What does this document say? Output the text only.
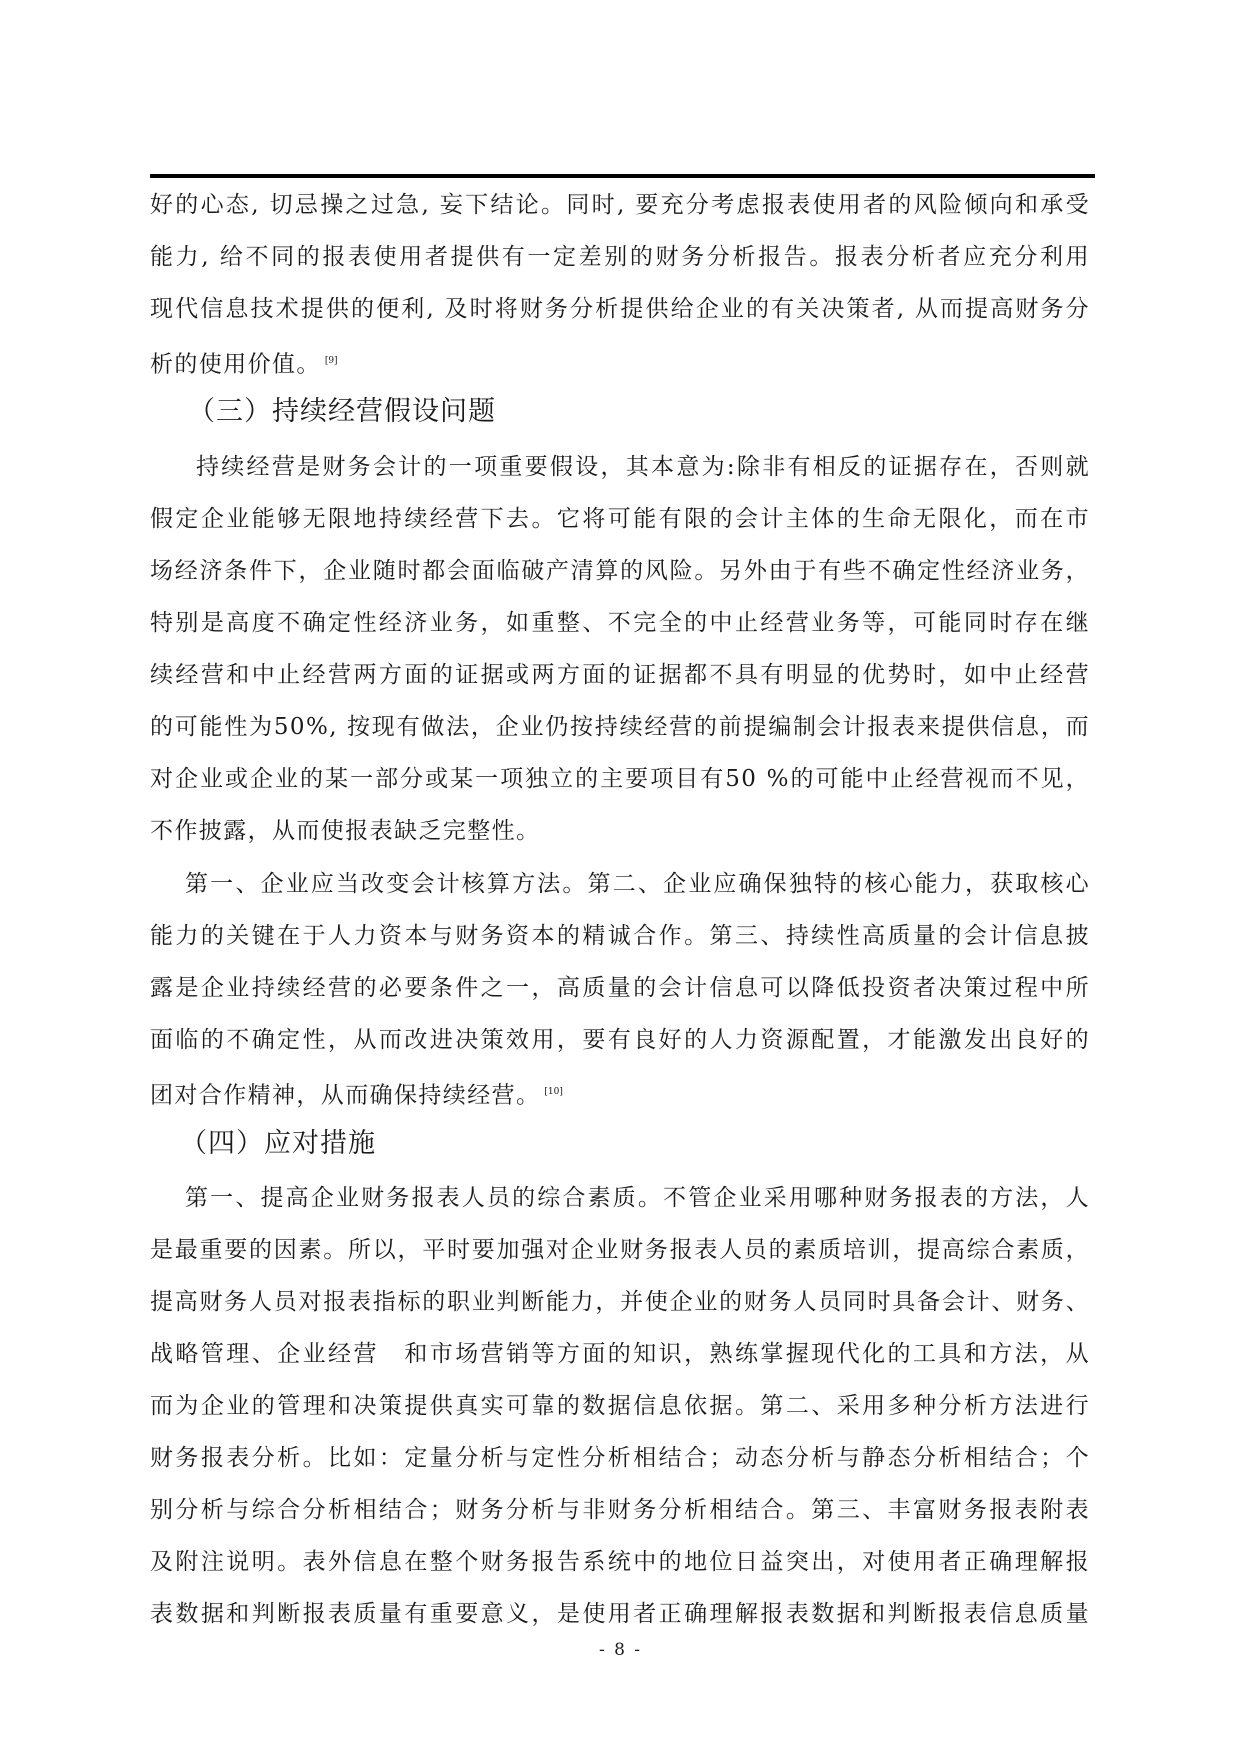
好的心态, 切忌操之过急, 妄下结论。同时, 要充分考虑报表使用者的风险倾向和承受
能力, 给不同的报表使用者提供有一定差别的财务分析报告。报表分析者应充分利用
现代信息技术提供的便利, 及时将财务分析提供给企业的有关决策者, 从而提高财务分
析的使用价值。 [9]
（三）持续经营假设问题
持续经营是财务会计的一项重要假设，其本意为:除非有相反的证据存在，否则就
假定企业能够无限地持续经营下去。它将可能有限的会计主体的生命无限化，而在市
场经济条件下，企业随时都会面临破产清算的风险。另外由于有些不确定性经济业务，
特别是高度不确定性经济业务，如重整、不完全的中止经营业务等，可能同时存在继
续经营和中止经营两方面的证据或两方面的证据都不具有明显的优势时，如中止经营
的可能性为50%, 按现有做法，企业仍按持续经营的前提编制会计报表来提供信息，而
对企业或企业的某一部分或某一项独立的主要项目有50 %的可能中止经营视而不见，
不作披露，从而使报表缺乏完整性。
第一、企业应当改变会计核算方法。第二、企业应确保独特的核心能力，获取核心
能力的关键在于人力资本与财务资本的精诚合作。第三、持续性高质量的会计信息披
露是企业持续经营的必要条件之一，高质量的会计信息可以降低投资者决策过程中所
面临的不确定性，从而改进决策效用，要有良好的人力资源配置，才能激发出良好的
团对合作精神，从而确保持续经营。 [10]
（四）应对措施
第一、提高企业财务报表人员的综合素质。不管企业采用哪种财务报表的方法，人
是最重要的因素。所以，平时要加强对企业财务报表人员的素质培训，提高综合素质，
提高财务人员对报表指标的职业判断能力，并使企业的财务人员同时具备会计、财务、
战略管理、企业经营　和市场营销等方面的知识，熟练掌握现代化的工具和方法，从
而为企业的管理和决策提供真实可靠的数据信息依据。第二、采用多种分析方法进行
财务报表分析。比如：定量分析与定性分析相结合；动态分析与静态分析相结合；个
别分析与综合分析相结合；财务分析与非财务分析相结合。第三、丰富财务报表附表
及附注说明。表外信息在整个财务报告系统中的地位日益突出，对使用者正确理解报
表数据和判断报表质量有重要意义，是使用者正确理解报表数据和判断报表信息质量
- 8 -
